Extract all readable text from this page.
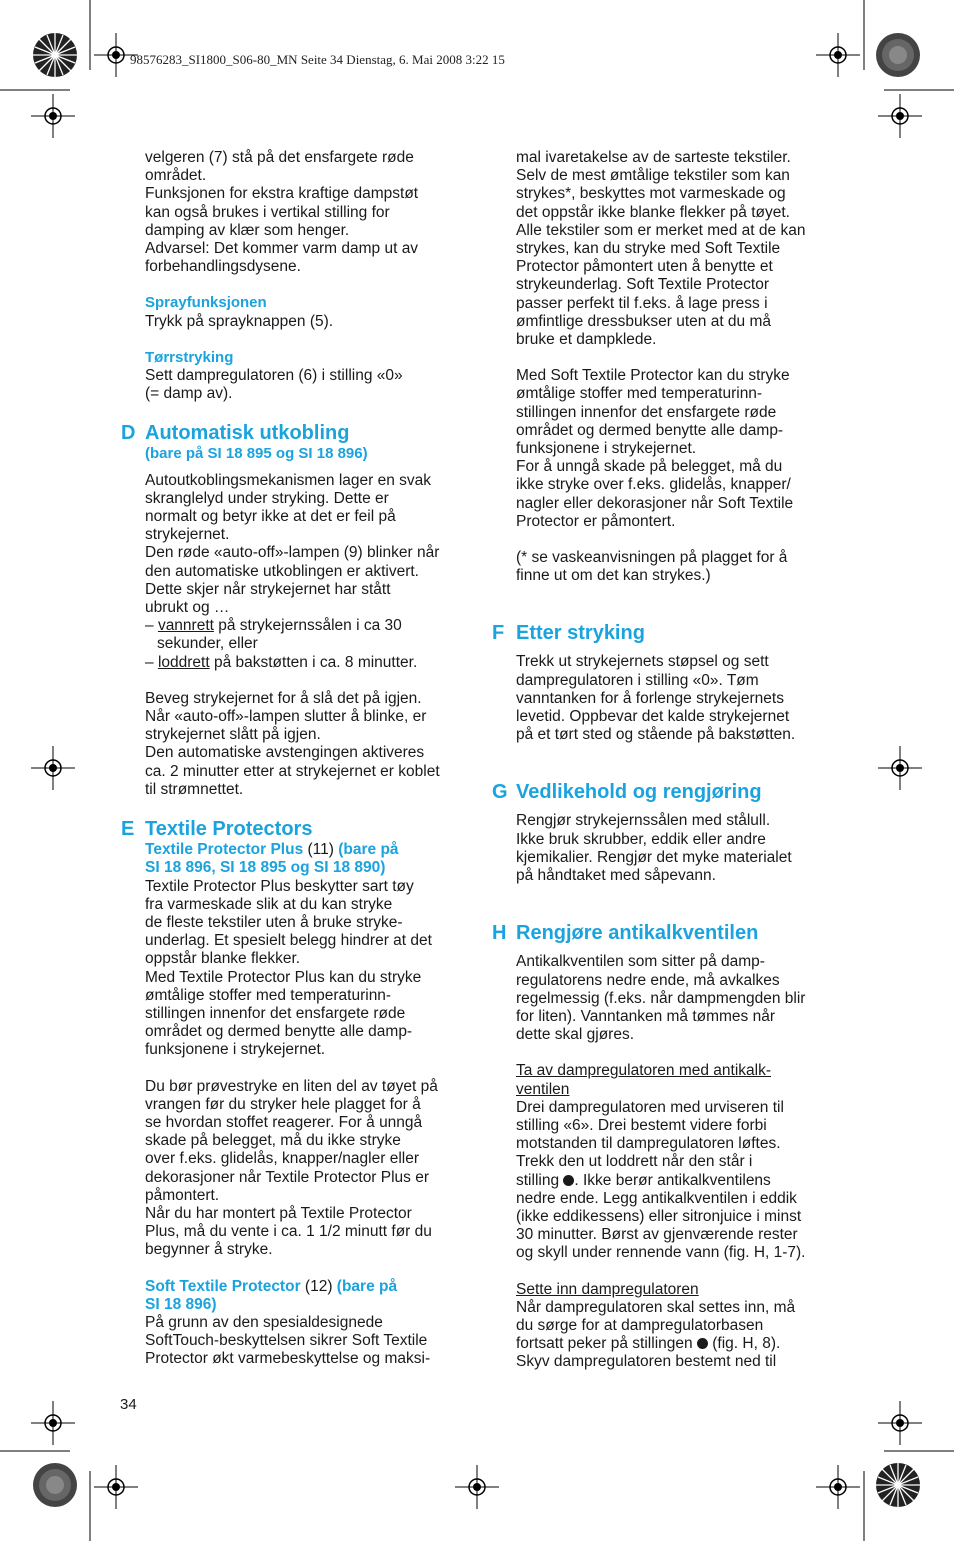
98576283_SI1800_S06-80_MN Seite 34 Dienstag, 6. Mai 2008 3:22 15
velgeren (7) stå på det ensfargete røde
området.
Funksjonen for ekstra kraftige dampstøt
kan også brukes i vertikal stilling for
damping av klær som henger.
Advarsel: Det kommer varm damp ut av
forbehandlingsdysene.

Sprayfunksjonen

Trykk på sprayknappen (5).

Tørrstryking

Sett dampregulatoren (6) i stilling «0»
(= damp av).

D Automatisk utkobling

(bare på SI 18 895 og SI 18 896)

Autoutkoblingsmekanismen lager en svak
skranglelyd under stryking. Dette er
normalt og betyr ikke at det er feil på
strykejernet.
Den røde «auto-off»-lampen (9) blinker når
den automatiske utkoblingen er aktivert.
Dette skjer når strykejernet har stått
ubrukt og …

– vannrett på strykejernssålen i ca 30
sekunder, eller

– loddrett på bakstøtten i ca. 8 minutter.

Beveg strykejernet for å slå det på igjen.
Når «auto-off»-lampen slutter å blinke, er
strykejernet slått på igjen.
Den automatiske avstengingen aktiveres
ca. 2 minutter etter at strykejernet er koblet
til strømnettet.

E Textile Protectors

Textile Protector Plus (11) (bare på
SI 18 896, SI 18 895 og SI 18 890)

Textile Protector Plus beskytter sart tøy
fra varmeskade slik at du kan stryke
de fleste tekstiler uten å bruke stryke-
underlag. Et spesielt belegg hindrer at det
oppstår blanke flekker.
Med Textile Protector Plus kan du stryke
ømtålige stoffer med temperaturinn-
stillingen innenfor det ensfargete røde
området og dermed benytte alle damp-
funksjonene i strykejernet.
Du bør prøvestryke en liten del av tøyet på
vrangen før du stryker hele plagget for å
se hvordan stoffet reagerer. For å unngå
skade på belegget, må du ikke stryke
over f.eks. glidelås, knapper/nagler eller
dekorasjoner når Textile Protector Plus er
påmontert.
Når du har montert på Textile Protector
Plus, må du vente i ca. 1 1/2 minutt før du
begynner å stryke.

Soft Textile Protector (12) (bare på
SI 18 896)

På grunn av den spesialdesignede
SoftTouch-beskyttelsen sikrer Soft Textile
Protector økt varmebeskyttelse og maksi-
mal ivaretakelse av de sarteste tekstiler.
Selv de mest ømtålige tekstiler som kan
strykes*, beskyttes mot varmeskade og
det oppstår ikke blanke flekker på tøyet.
Alle tekstiler som er merket med at de kan
strykes, kan du stryke med Soft Textile
Protector påmontert uten å benytte et
strykeunderlag. Soft Textile Protector
passer perfekt til f.eks. å lage press i
ømfintlige dressbukser uten at du må
bruke et dampklede.
Med Soft Textile Protector kan du stryke
ømtålige stoffer med temperaturinn-
stillingen innenfor det ensfargete røde
området og dermed benytte alle damp-
funksjonene i strykejernet.
For å unngå skade på belegget, må du
ikke stryke over f.eks. glidelås, knapper/
nagler eller dekorasjoner når Soft Textile
Protector er påmontert.
(* se vaskeanvisningen på plagget for å
finne ut om det kan strykes.)

F Etter stryking

Trekk ut strykejernets støpsel og sett
dampregulatoren i stilling «0». Tøm
vanntanken for å forlenge strykejernets
levetid. Oppbevar det kalde strykejernet
på et tørt sted og stående på bakstøtten.

G Vedlikehold og rengjøring

Rengjør strykejernssålen med stålull.
Ikke bruk skrubber, eddik eller andre
kjemikalier. Rengjør det myke materialet
på håndtaket med såpevann.

H Rengjøre antikalkventilen

Antikalkventilen som sitter på damp-
regulatorens nedre ende, må avkalkes
regelmessig (f.eks. når dampmengden blir
for liten). Vanntanken må tømmes når
dette skal gjøres.
Ta av dampregulatoren med antikalk-
ventilen
Drei dampregulatoren med urviseren til
stilling «6». Drei bestemt videre forbi
motstanden til dampregulatoren løftes.
Trekk den ut loddrett når den står i

stilling . Ikke berør antikalkventilens

nedre ende. Legg antikalkventilen i eddik
(ikke eddikessens) eller sitronjuice i minst
30 minutter. Børst av gjenværende rester
og skyll under rennende vann (fig. H, 1-7).

Sette inn dampregulatoren

Når dampregulatoren skal settes inn, må
du sørge for at dampregulatorbasen

fortsatt peker på stillingen  (fig. H, 8).

Skyv dampregulatoren bestemt ned til

34
